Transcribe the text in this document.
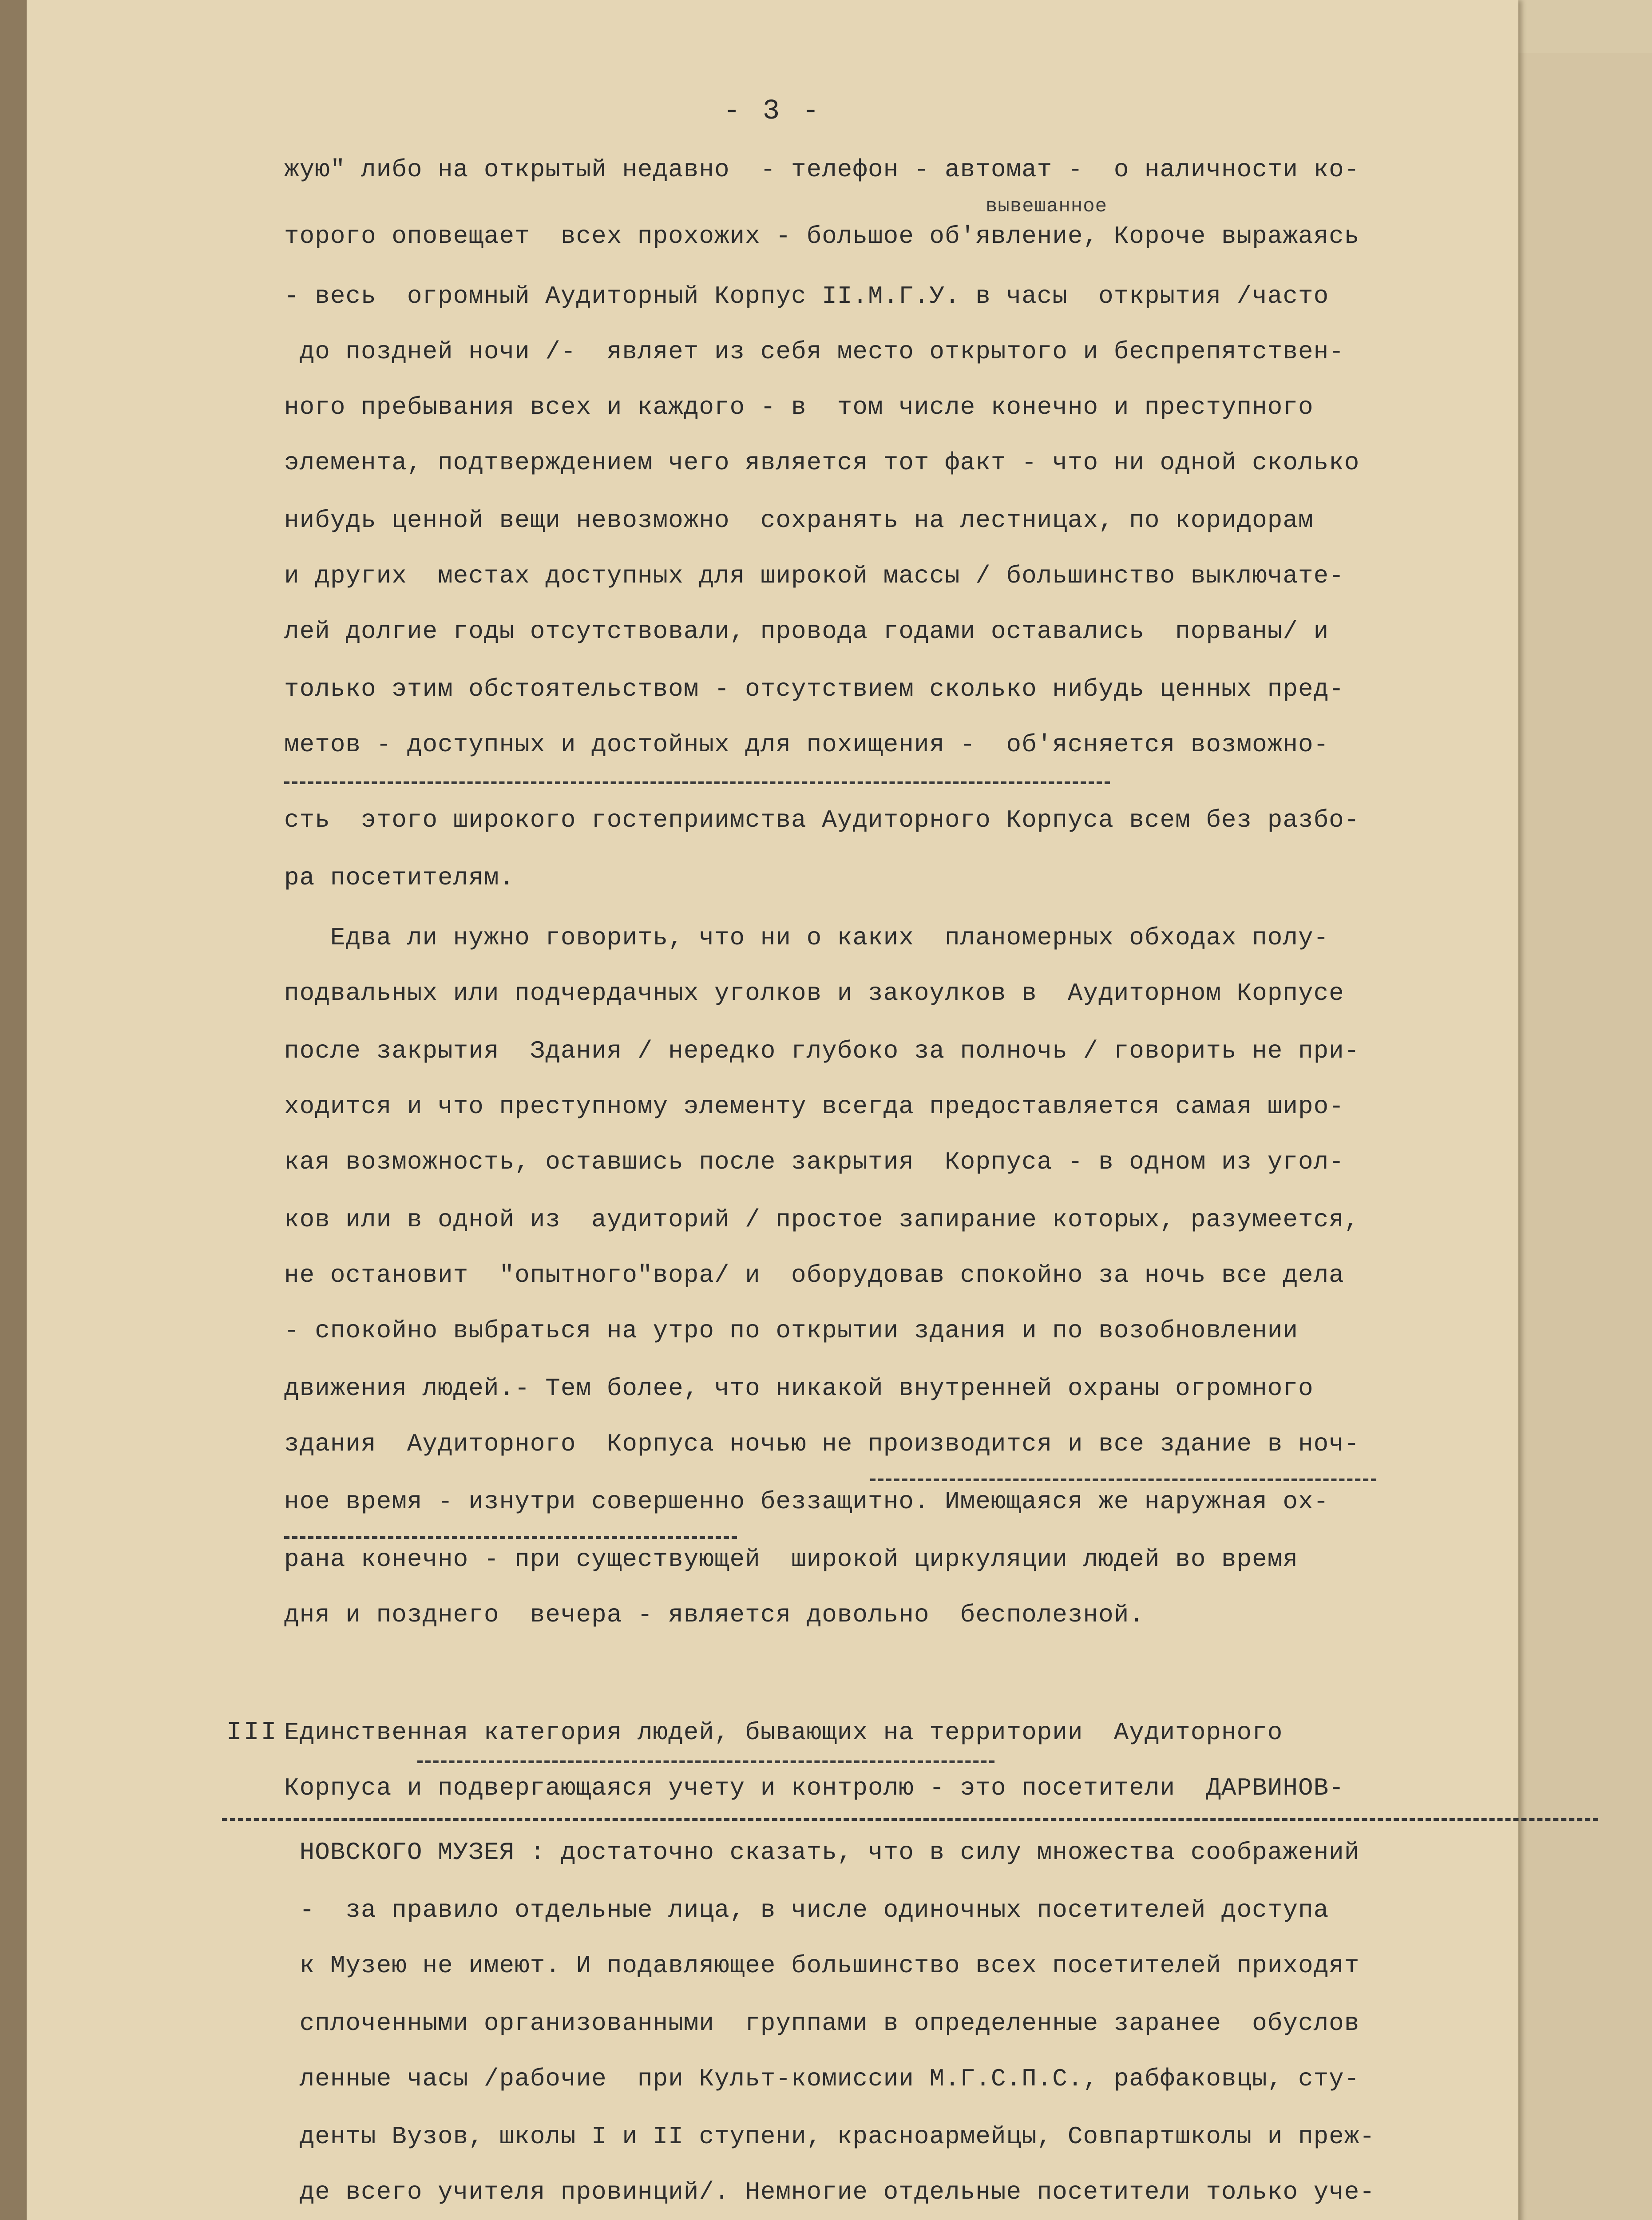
- 3 -
жую" либо на открытый недавно  - телефон - автомат -  о наличности ко-
вывешанное
торого оповещает  всех прохожих - большое об'явление, Короче выражаясь
- весь  огромный Аудиторный Корпус II.М.Г.У. в часы  открытия /часто
до поздней ночи /-  являет из себя место открытого и беспрепятствен-
ного пребывания всех и каждого - в  том числе конечно и преступного
элемента, подтверждением чего является тот факт - что ни одной сколько
нибудь ценной вещи невозможно  сохранять на лестницах, по коридорам
и других  местах доступных для широкой массы / большинство выключате-
лей долгие годы отсутствовали, провода годами оставались  порваны/ и
только этим обстоятельством - отсутствием сколько нибудь ценных пред-
метов - доступных и достойных для похищения -  об'ясняется возможно-
сть  этого широкого гостеприимства Аудиторного Корпуса всем без разбо-
ра посетителям.
Едва ли нужно говорить, что ни о каких  планомерных обходах полу-
подвальных или подчердачных уголков и закоулков в  Аудиторном Корпусе
после закрытия  Здания / нередко глубоко за полночь / говорить не при-
ходится и что преступному элементу всегда предоставляется самая широ-
кая возможность, оставшись после закрытия  Корпуса - в одном из угол-
ков или в одной из  аудиторий / простое запирание которых, разумеется,
не остановит  "опытного"вора/ и  оборудовав спокойно за ночь все дела
- спокойно выбраться на утро по открытии здания и по возобновлении
движения людей.- Тем более, что никакой внутренней охраны огромного
здания  Аудиторного  Корпуса ночью не производится и все здание в ноч-
ное время - изнутри совершенно беззащитно. Имеющаяся же наружная ох-
рана конечно - при существующей  широкой циркуляции людей во время
дня и позднего  вечера - является довольно  бесполезной.
III Единственная категория людей, бывающих на территории  Аудиторного
Корпуса и подвергающаяся учету и контролю - это посетители  ДАРВИНОВ-
НОВСКОГО МУЗЕЯ : достаточно сказать, что в силу множества соображений
-  за правило отдельные лица, в числе одиночных посетителей доступа
к Музею не имеют. И подавляющее большинство всех посетителей приходят
сплоченными организованными  группами в определенные заранее  обуслов
ленные часы /рабочие  при Культ-комиссии М.Г.С.П.С., рабфаковцы, сту-
денты Вузов, школы I и II ступени, красноармейцы, Совпартшколы и преж-
де всего учителя провинций/. Немногие отдельные посетители только уче-
